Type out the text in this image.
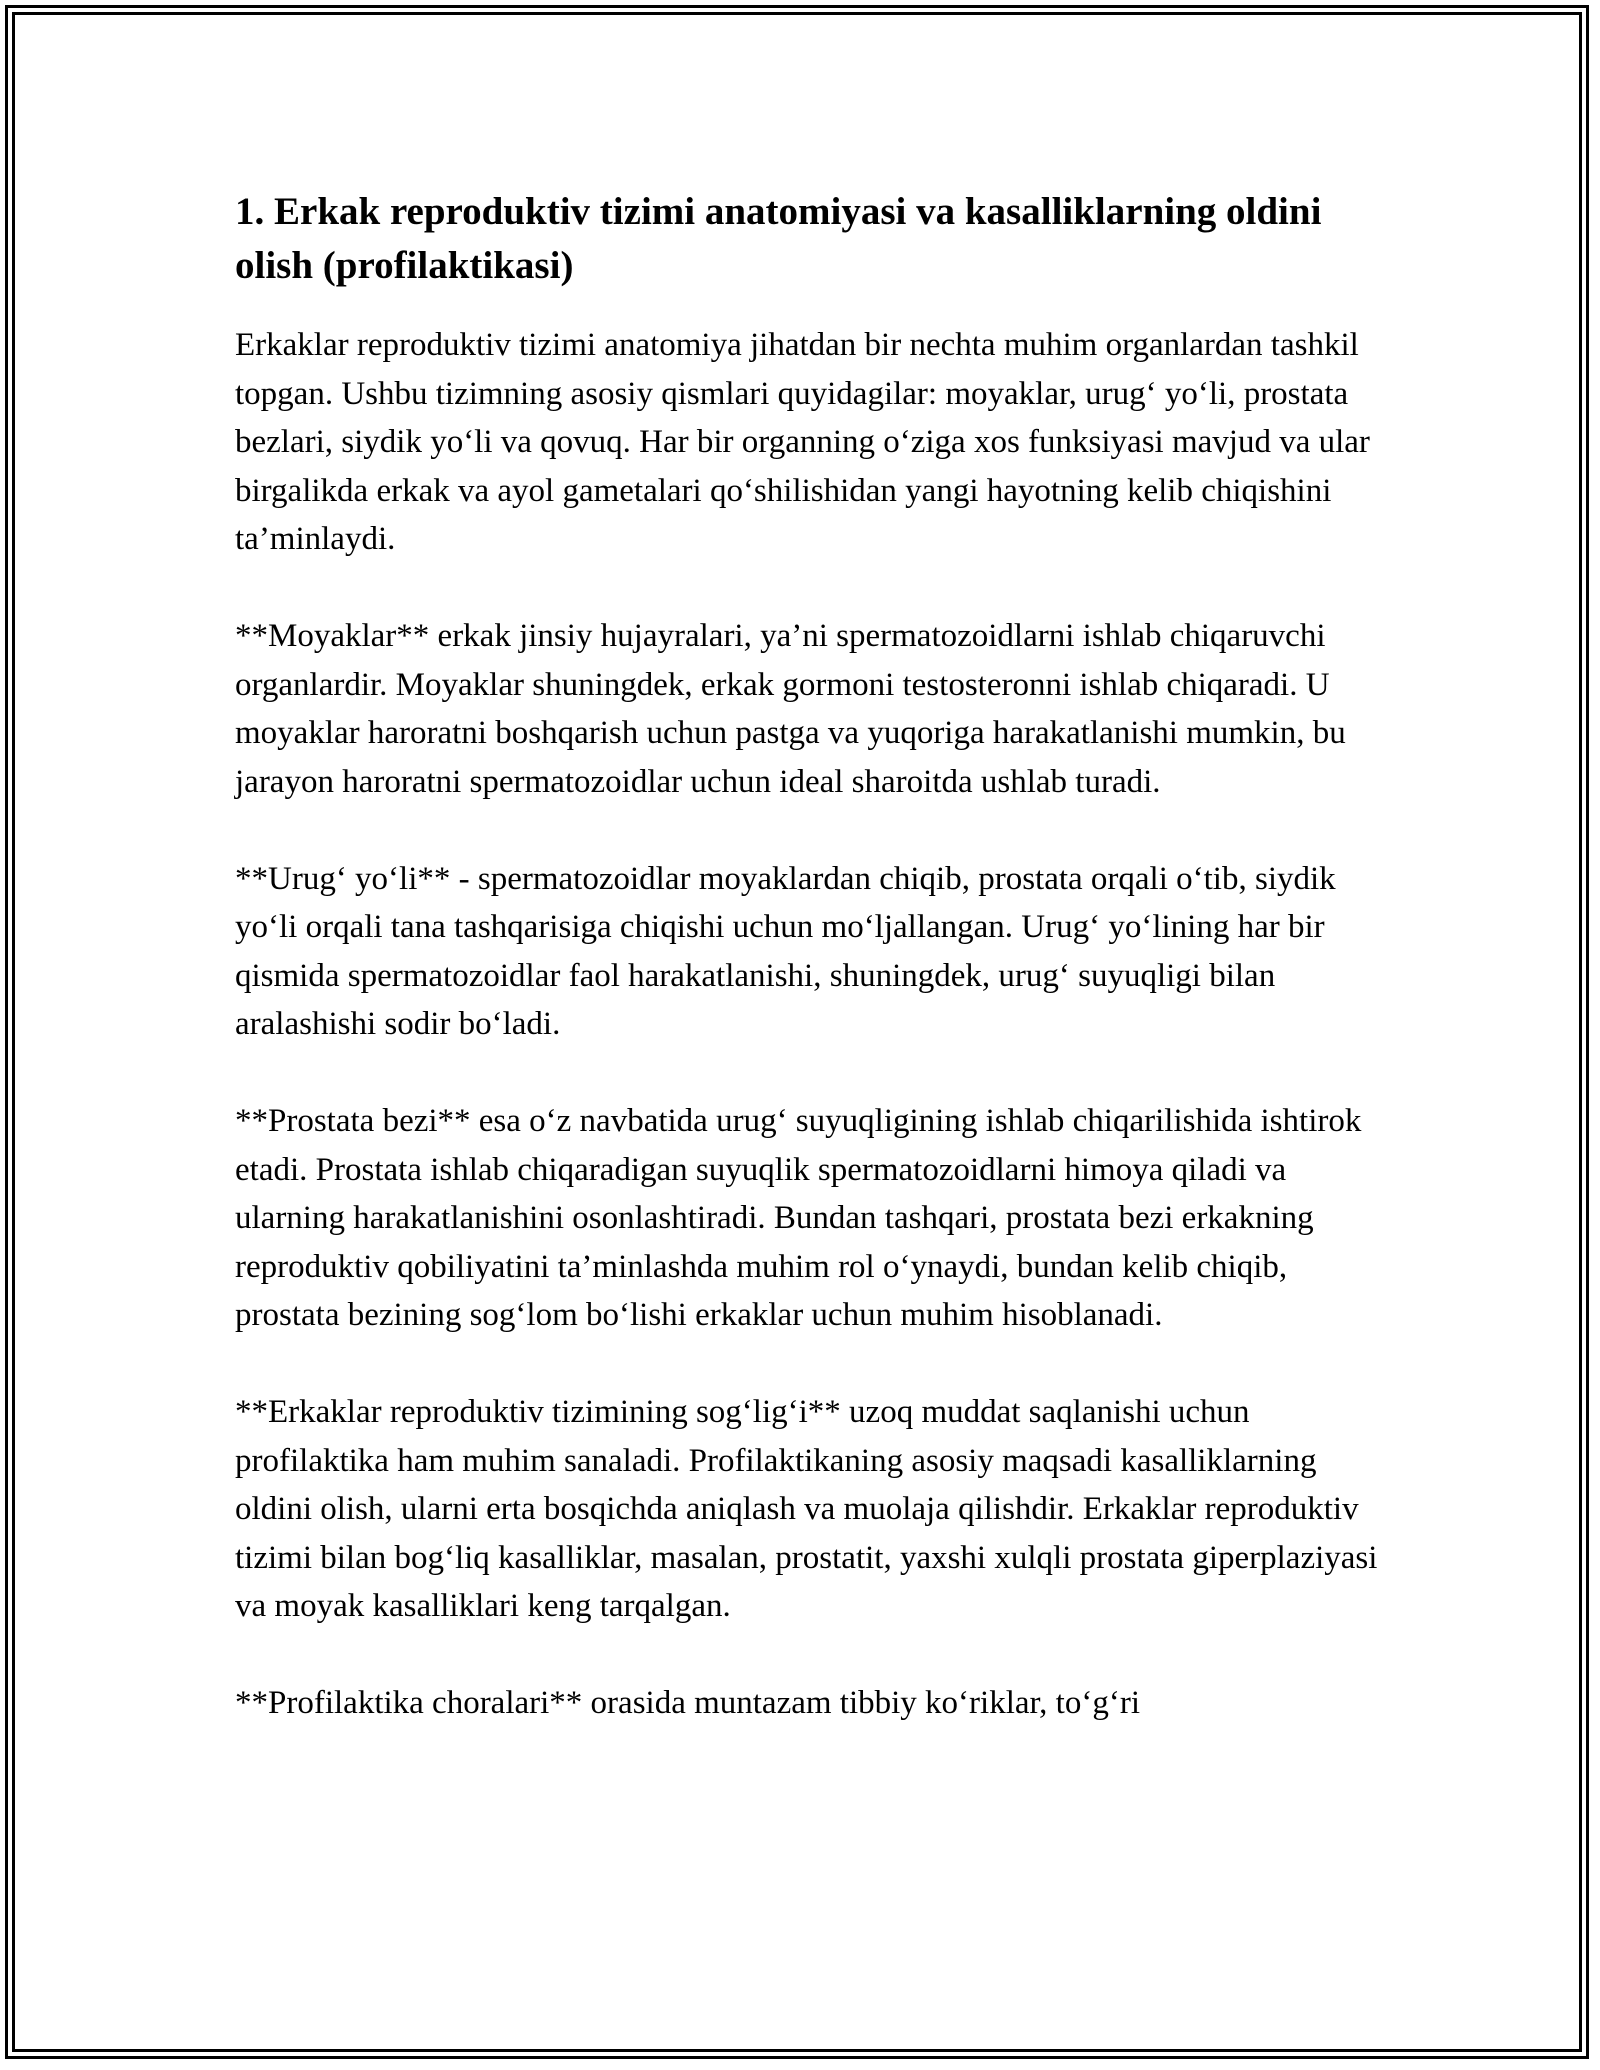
1. Erkak reproduktiv tizimi anatomiyasi va kasalliklarning oldini olish (profilaktikasi)

Erkaklar reproduktiv tizimi anatomiya jihatdan bir nechta muhim organlardan tashkil topgan. Ushbu tizimning asosiy qismlari quyidagilar: moyaklar, urug‘ yo‘li, prostata bezlari, siydik yo‘li va qovuq. Har bir organning o‘ziga xos funksiyasi mavjud va ular birgalikda erkak va ayol gametalari qo‘shilishidan yangi hayotning kelib chiqishini ta’minlaydi.

**Moyaklar** erkak jinsiy hujayralari, ya’ni spermatozoidlarni ishlab chiqaruvchi organlardir. Moyaklar shuningdek, erkak gormoni testosteronni ishlab chiqaradi. U moyaklar haroratni boshqarish uchun pastga va yuqoriga harakatlanishi mumkin, bu jarayon haroratni spermatozoidlar uchun ideal sharoitda ushlab turadi.

**Urug‘ yo‘li** - spermatozoidlar moyaklardan chiqib, prostata orqali o‘tib, siydik yo‘li orqali tana tashqarisiga chiqishi uchun mo‘ljallangan. Urug‘ yo‘lining har bir qismida spermatozoidlar faol harakatlanishi, shuningdek, urug‘ suyuqligi bilan aralashishi sodir bo‘ladi.

**Prostata bezi** esa o‘z navbatida urug‘ suyuqligining ishlab chiqarilishida ishtirok etadi. Prostata ishlab chiqaradigan suyuqlik spermatozoidlarni himoya qiladi va ularning harakatlanishini osonlashtiradi. Bundan tashqari, prostata bezi erkakning reproduktiv qobiliyatini ta’minlashda muhim rol o‘ynaydi, bundan kelib chiqib, prostata bezining sog‘lom bo‘lishi erkaklar uchun muhim hisoblanadi.

**Erkaklar reproduktiv tizimining sog‘lig‘i** uzoq muddat saqlanishi uchun profilaktika ham muhim sanaladi. Profilaktikaning asosiy maqsadi kasalliklarning oldini olish, ularni erta bosqichda aniqlash va muolaja qilishdir. Erkaklar reproduktiv tizimi bilan bog‘liq kasalliklar, masalan, prostatit, yaxshi xulqli prostata giperplaziyasi va moyak kasalliklari keng tarqalgan.

**Profilaktika choralari** orasida muntazam tibbiy ko‘riklar, to‘g‘ri
